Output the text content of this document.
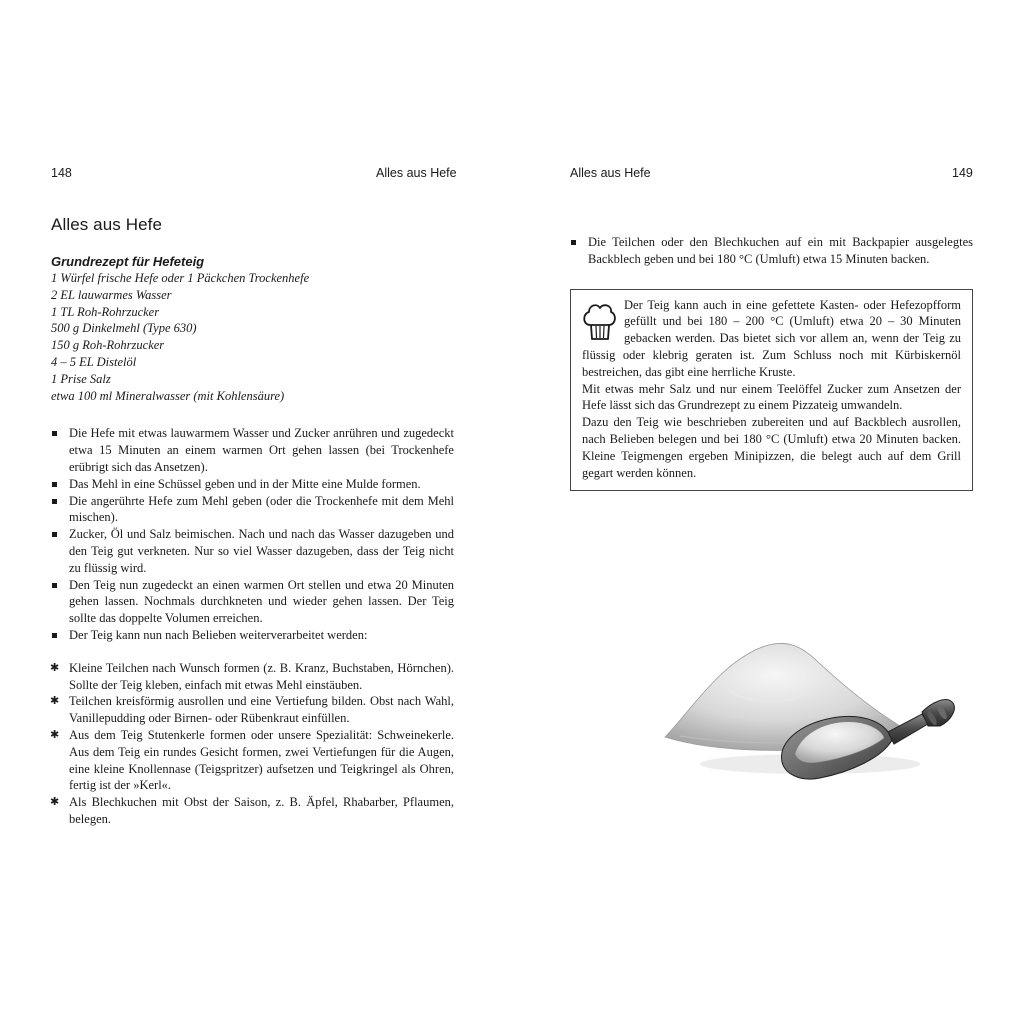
148	Alles aus Hefe	Alles aus Hefe	149
Alles aus Hefe
Grundrezept für Hefeteig
1 Würfel frische Hefe oder 1 Päckchen Trockenhefe
2 EL lauwarmes Wasser
1 TL Roh-Rohrzucker
500 g Dinkelmehl (Type 630)
150 g Roh-Rohrzucker
4 – 5 EL Distelöl
1 Prise Salz
etwa 100 ml Mineralwasser (mit Kohlensäure)
Die Hefe mit etwas lauwarmem Wasser und Zucker anrühren und zugedeckt etwa 15 Minuten an einem warmen Ort gehen lassen (bei Trockenhefe erübrigt sich das Ansetzen).
Das Mehl in eine Schüssel geben und in der Mitte eine Mulde formen.
Die angerührte Hefe zum Mehl geben (oder die Trockenhefe mit dem Mehl mischen).
Zucker, Öl und Salz beimischen. Nach und nach das Wasser dazugeben und den Teig gut verkneten. Nur so viel Wasser dazugeben, dass der Teig nicht zu flüssig wird.
Den Teig nun zugedeckt an einen warmen Ort stellen und etwa 20 Minuten gehen lassen. Nochmals durchkneten und wieder gehen lassen. Der Teig sollte das doppelte Volumen erreichen.
Der Teig kann nun nach Belieben weiterverarbeitet werden:
✱ Kleine Teilchen nach Wunsch formen (z. B. Kranz, Buchstaben, Hörnchen). Sollte der Teig kleben, einfach mit etwas Mehl einstäuben.
✱ Teilchen kreisförmig ausrollen und eine Vertiefung bilden. Obst nach Wahl, Vanillepudding oder Birnen- oder Rübenkraut einfüllen.
✱ Aus dem Teig Stutenkerle formen oder unsere Spezialität: Schweinekerle. Aus dem Teig ein rundes Gesicht formen, zwei Vertiefungen für die Augen, eine kleine Knollennase (Teigspritzer) aufsetzen und Teigkringel als Ohren, fertig ist der »Kerl«.
✱ Als Blechkuchen mit Obst der Saison, z. B. Äpfel, Rhabarber, Pflaumen, belegen.
Die Teilchen oder den Blechkuchen auf ein mit Backpapier ausgelegtes Backblech geben und bei 180 °C (Umluft) etwa 15 Minuten backen.

Der Teig kann auch in eine gefettete Kasten- oder Hefezopfform gefüllt und bei 180 – 200 °C (Umluft) etwa 20 – 30 Minuten gebacken werden. Das bietet sich vor allem an, wenn der Teig zu flüssig oder klebrig geraten ist. Zum Schluss noch mit Kürbiskernöl bestreichen, das gibt eine herrliche Kruste.

Mit etwas mehr Salz und nur einem Teelöffel Zucker zum Ansetzen der Hefe lässt sich das Grundrezept zu einem Pizzateig umwandeln.

Dazu den Teig wie beschrieben zubereiten und auf Backblech ausrollen, nach Belieben belegen und bei 180 °C (Umluft) etwa 20 Minuten backen. Kleine Teigmengen ergeben Minipizzen, die belegt auch auf dem Grill gegart werden können.
